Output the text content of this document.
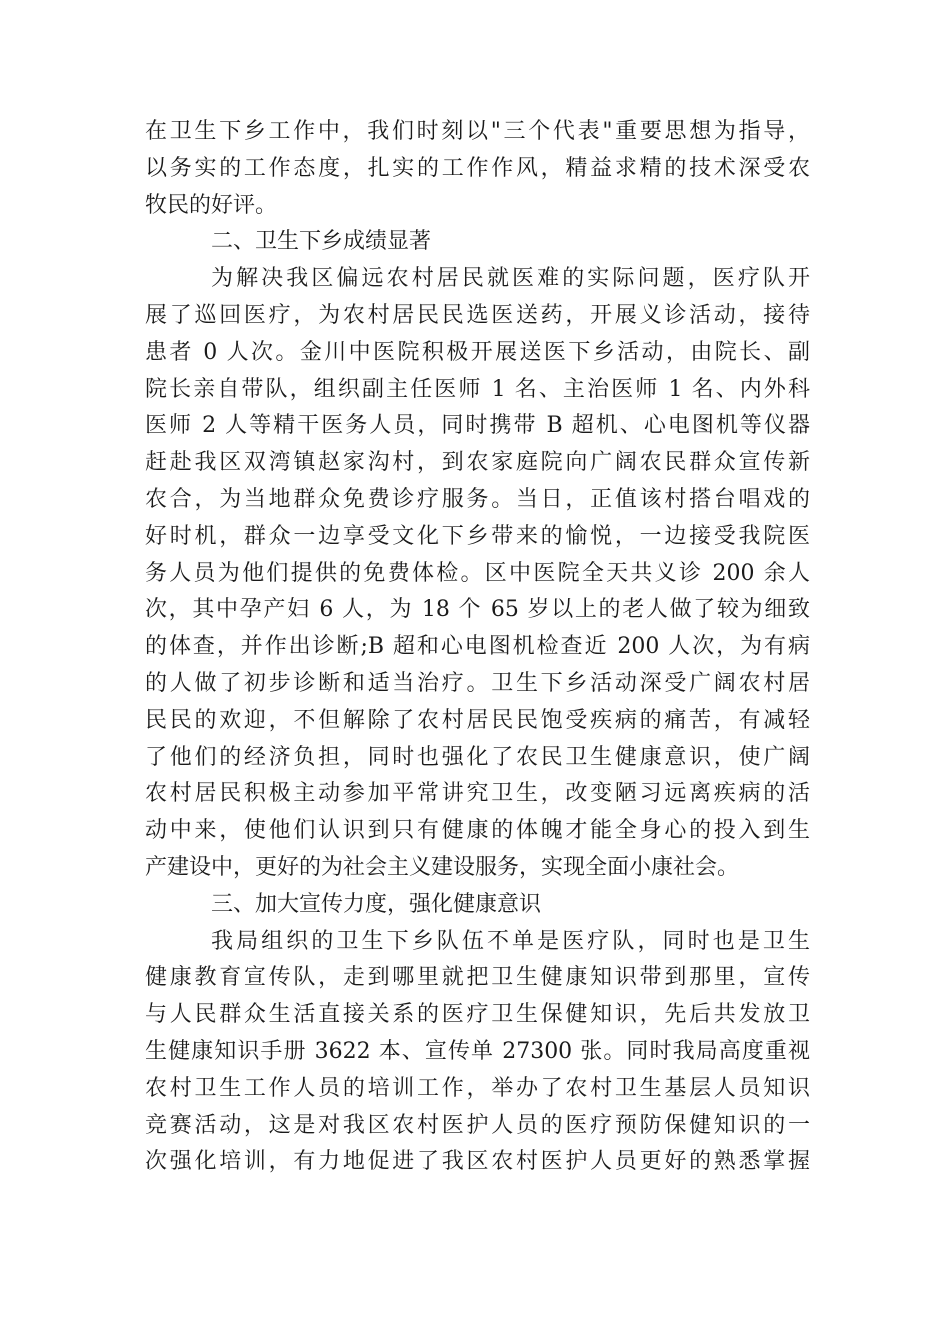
在卫生下乡工作中，我们时刻以"三个代表"重要思想为指导，
以务实的工作态度，扎实的工作作风，精益求精的技术深受农
牧民的好评。
二、卫生下乡成绩显著
为解决我区偏远农村居民就医难的实际问题，医疗队开
展了巡回医疗，为农村居民民选医送药，开展义诊活动，接待
患者 0 人次。金川中医院积极开展送医下乡活动，由院长、副
院长亲自带队，组织副主任医师 1 名、主治医师 1 名、内外科
医师 2 人等精干医务人员，同时携带 B 超机、心电图机等仪器
赶赴我区双湾镇赵家沟村，到农家庭院向广阔农民群众宣传新
农合，为当地群众免费诊疗服务。当日，正值该村搭台唱戏的
好时机，群众一边享受文化下乡带来的愉悦，一边接受我院医
务人员为他们提供的免费体检。区中医院全天共义诊 200 余人
次，其中孕产妇 6 人，为 18 个 65 岁以上的老人做了较为细致
的体查，并作出诊断;B 超和心电图机检查近 200 人次，为有病
的人做了初步诊断和适当治疗。卫生下乡活动深受广阔农村居
民民的欢迎，不但解除了农村居民民饱受疾病的痛苦，有减轻
了他们的经济负担，同时也强化了农民卫生健康意识，使广阔
农村居民积极主动参加平常讲究卫生，改变陋习远离疾病的活
动中来，使他们认识到只有健康的体魄才能全身心的投入到生
产建设中，更好的为社会主义建设服务，实现全面小康社会。
三、加大宣传力度，强化健康意识
我局组织的卫生下乡队伍不单是医疗队，同时也是卫生
健康教育宣传队，走到哪里就把卫生健康知识带到那里，宣传
与人民群众生活直接关系的医疗卫生保健知识，先后共发放卫
生健康知识手册 3622 本、宣传单 27300 张。同时我局高度重视
农村卫生工作人员的培训工作，举办了农村卫生基层人员知识
竞赛活动，这是对我区农村医护人员的医疗预防保健知识的一
次强化培训，有力地促进了我区农村医护人员更好的熟悉掌握
